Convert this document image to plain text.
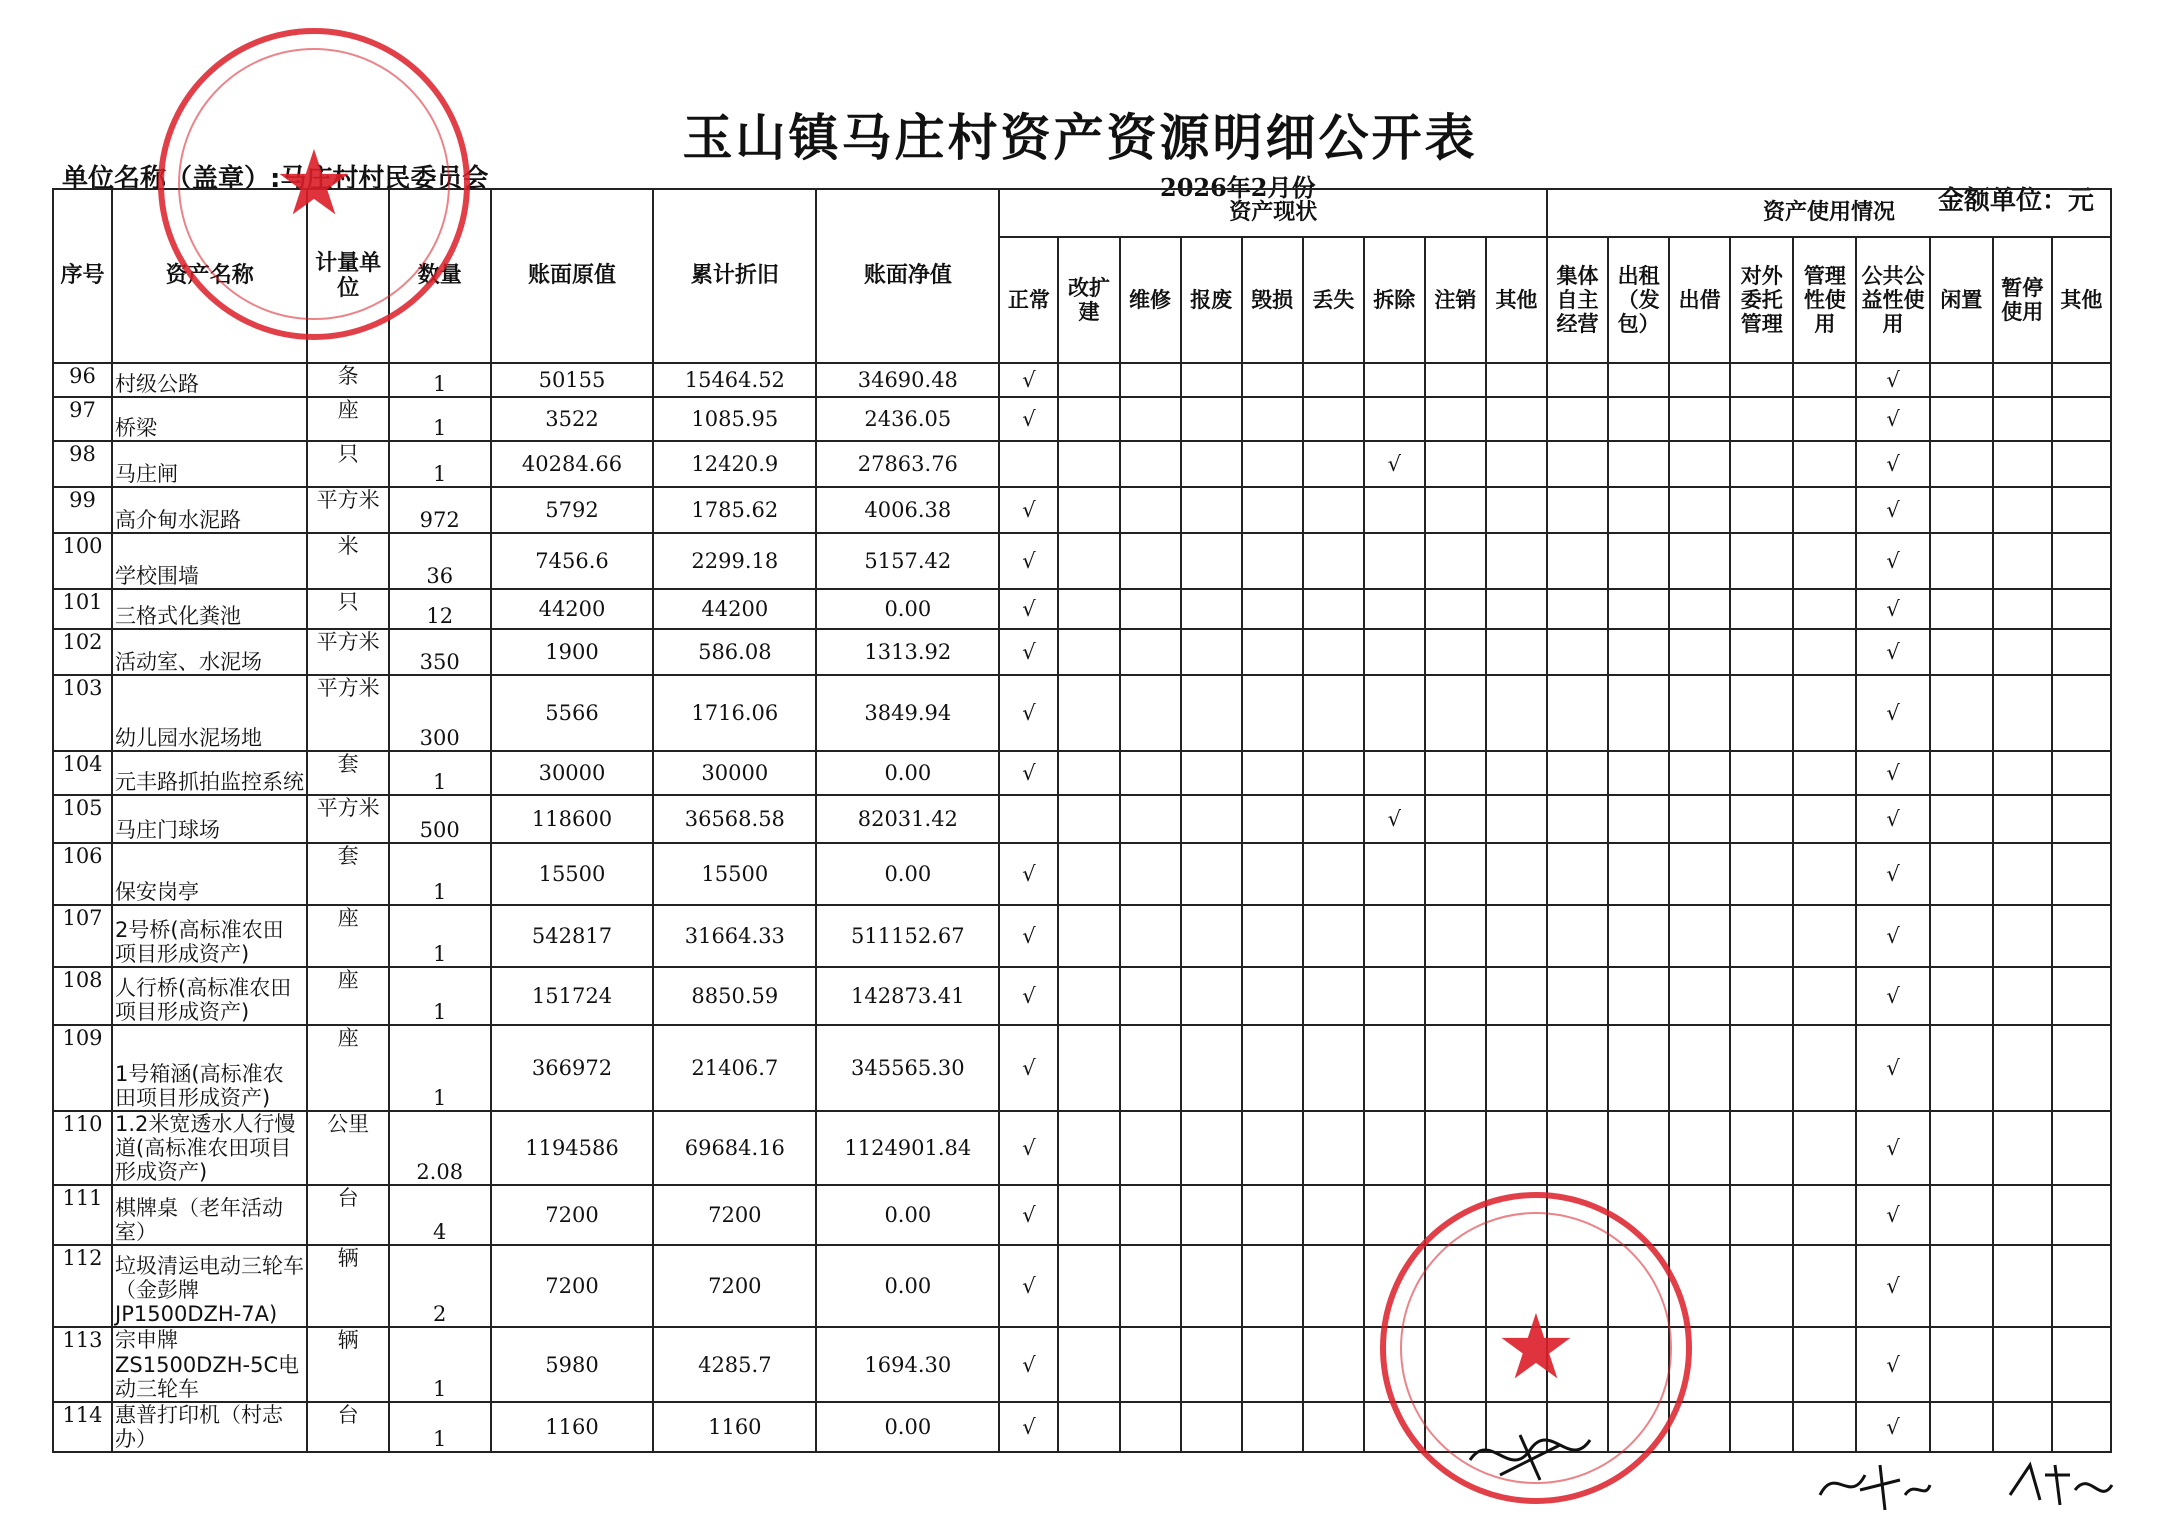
玉山镇马庄村资产资源明细公开表
单位名称（盖章）:马庄村村民委员会	2026年2月份	金额单位：元
序号	资产名称	计量单位	数量	账面原值	累计折旧	账面净值	资产现状									资产使用情况								
							正常	改扩建	维修	报废	毁损	丢失	拆除	注销	其他	集体自主经营	出租（发包）	出借	对外委托管理	管理性使用	公共公益性使用	闲置	暂停使用	其他
96	村级公路	条	1	50155	15464.52	34690.48	√														√			
97	桥梁	座	1	3522	1085.95	2436.05	√														√			
98	马庄闸	只	1	40284.66	12420.9	27863.76							√								√			
99	高介甸水泥路	平方米	972	5792	1785.62	4006.38	√														√			
100	学校围墙	米	36	7456.6	2299.18	5157.42	√														√			
101	三格式化粪池	只	12	44200	44200	0.00	√														√			
102	活动室、水泥场	平方米	350	1900	586.08	1313.92	√														√			
103	幼儿园水泥场地	平方米	300	5566	1716.06	3849.94	√														√			
104	元丰路抓拍监控系统	套	1	30000	30000	0.00	√														√			
105	马庄门球场	平方米	500	118600	36568.58	82031.42							√								√			
106	保安岗亭	套	1	15500	15500	0.00	√														√			
107	2号桥(高标准农田项目形成资产)	座	1	542817	31664.33	511152.67	√														√			
108	人行桥(高标准农田项目形成资产)	座	1	151724	8850.59	142873.41	√														√			
109	1号箱涵(高标准农田项目形成资产)	座	1	366972	21406.7	345565.30	√														√			
110	1.2米宽透水人行慢道(高标准农田项目形成资产)	公里	2.08	1194586	69684.16	1124901.84	√														√			
111	棋牌桌（老年活动室）	台	4	7200	7200	0.00	√														√			
112	垃圾清运电动三轮车（金彭牌JP1500DZH-7A)	辆	2	7200	7200	0.00	√														√			
113	宗申牌ZS1500DZH-5C电动三轮车	辆	1	5980	4285.7	1694.30	√														√			
114	惠普打印机（村志办）	台	1	1160	1160	0.00	√														√			
★
★
